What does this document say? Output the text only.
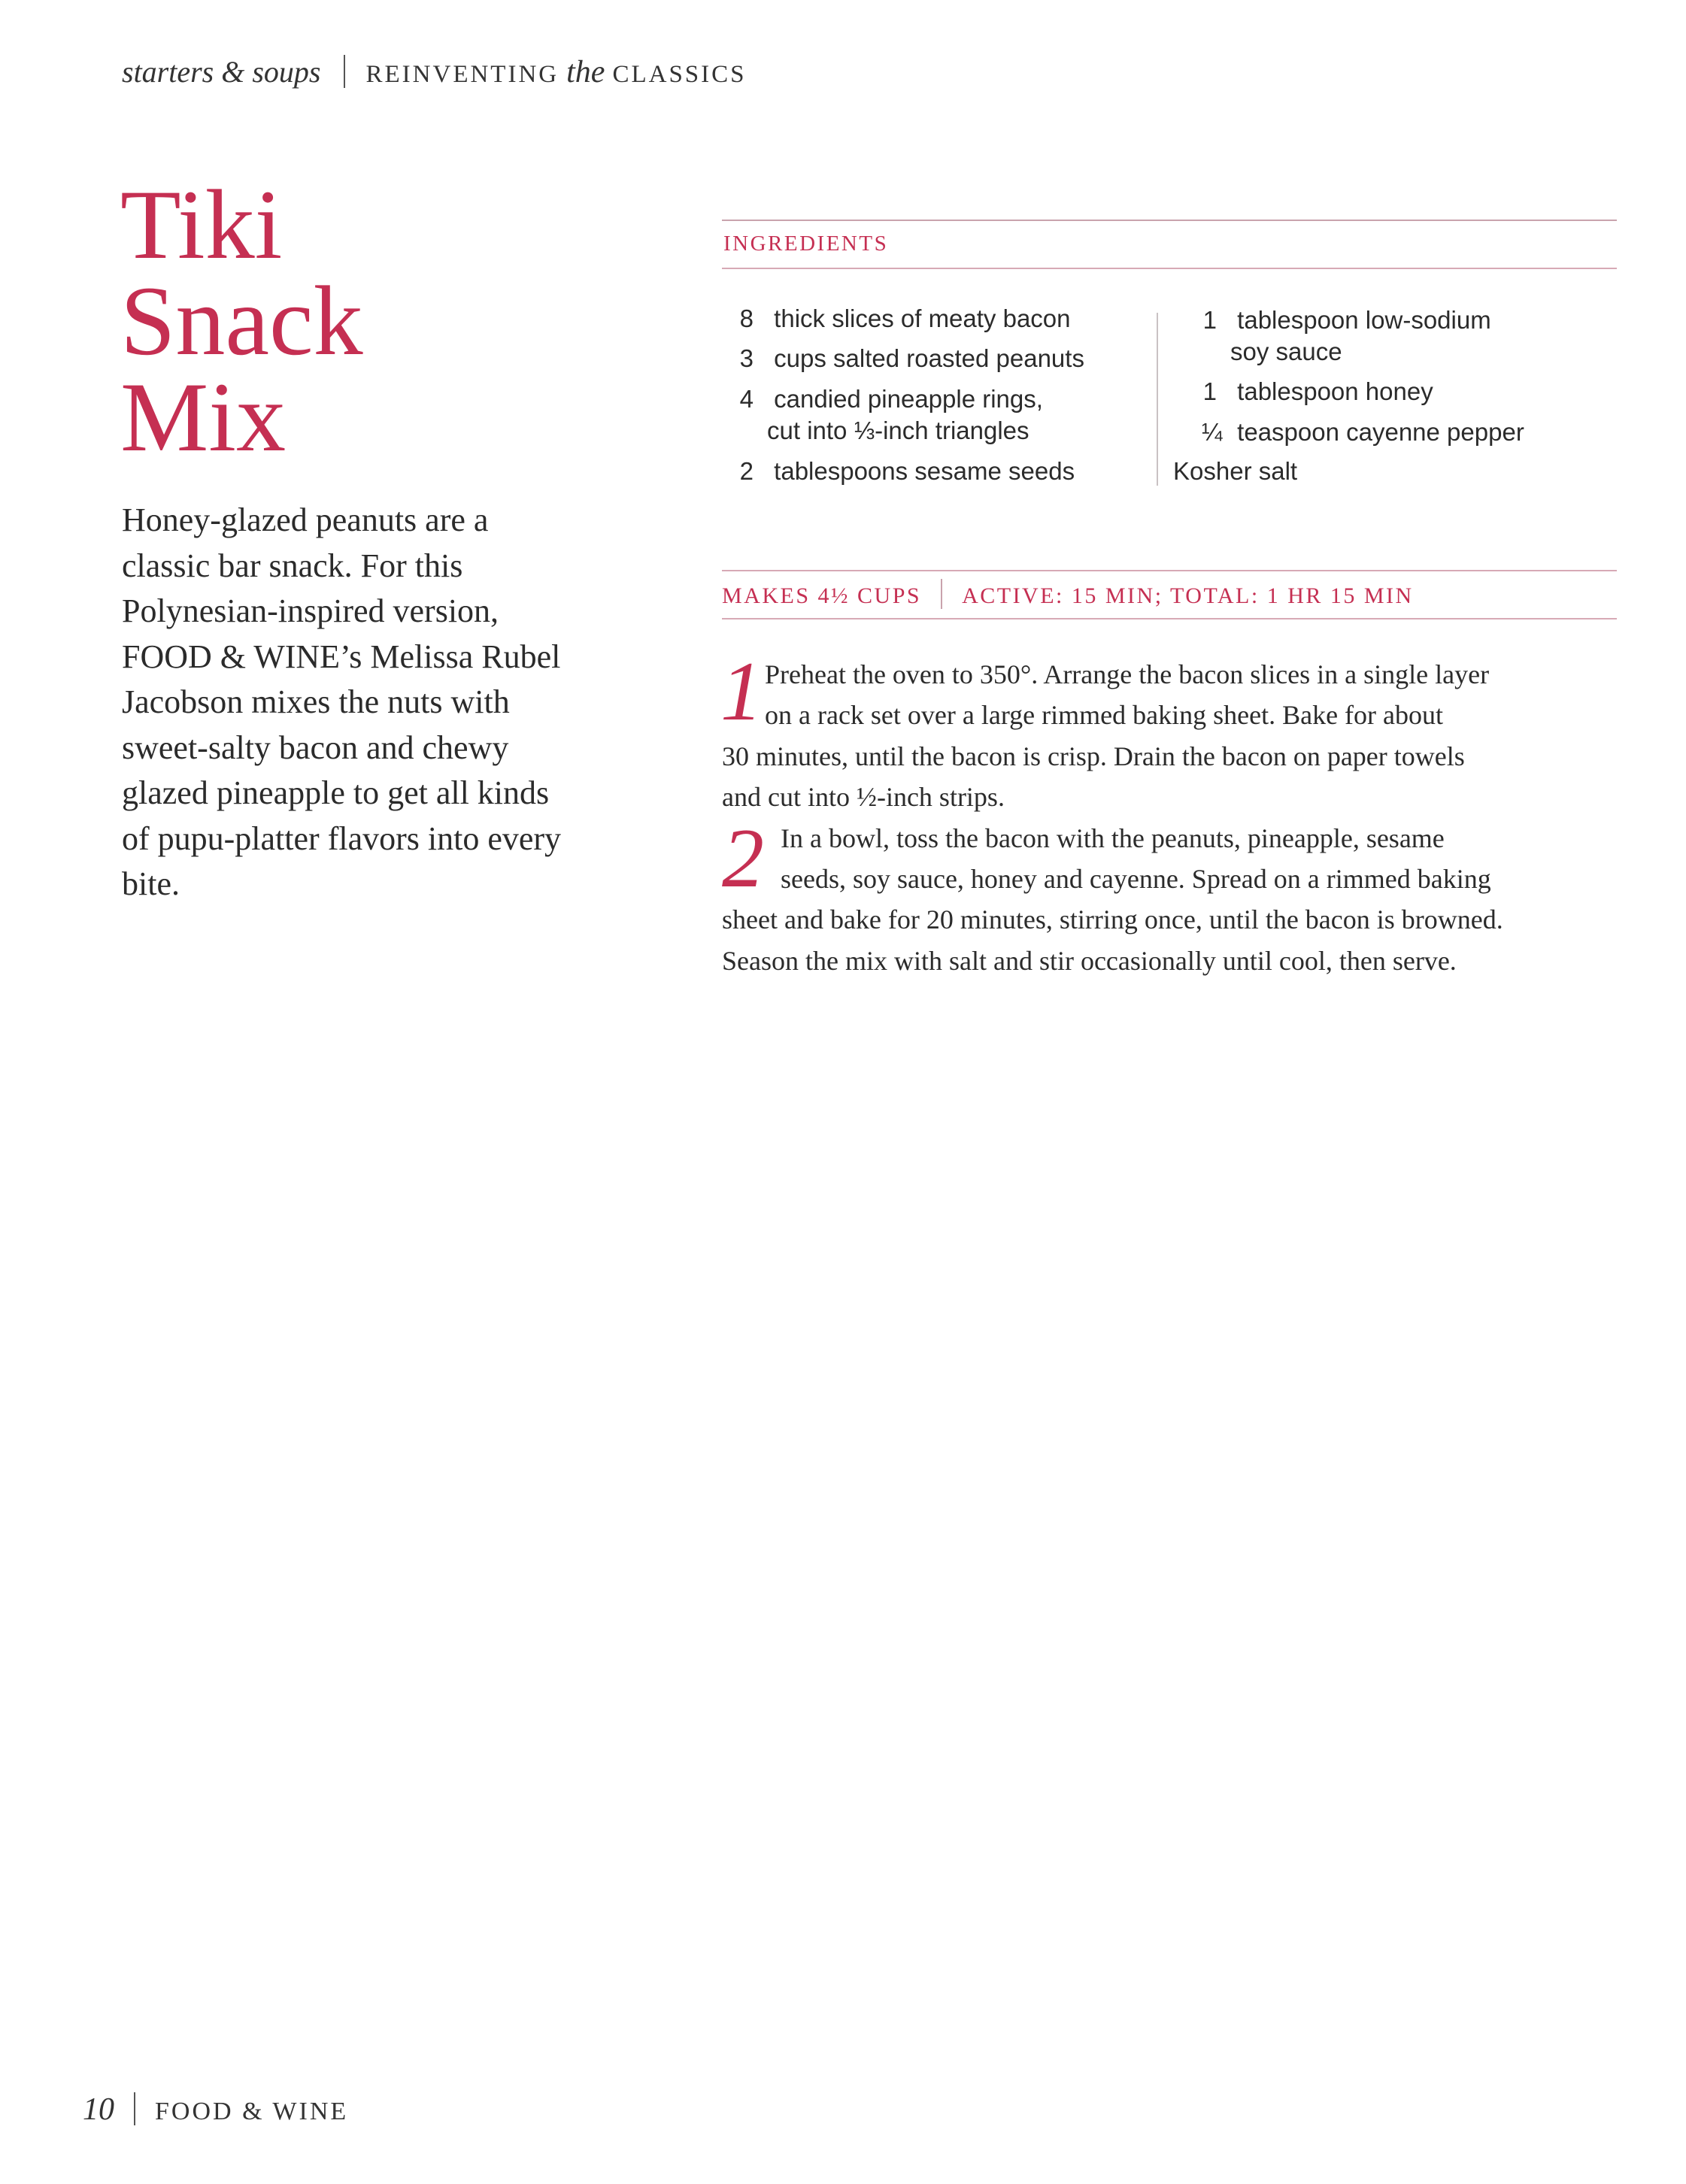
starters & soups REINVENTING the CLASSICS
Tiki
Snack
Mix
Honey-glazed peanuts are a classic bar snack. For this Polynesian-inspired version, FOOD & WINE’s Melissa Rubel Jacobson mixes the nuts with sweet-salty bacon and chewy glazed pineapple to get all kinds of pupu-platter flavors into every bite.
INGREDIENTS
8 thick slices of meaty bacon
3 cups salted roasted peanuts
4 candied pineapple rings,
cut into ⅓-inch triangles
2 tablespoons sesame seeds
1 tablespoon low-sodium
soy sauce
1 tablespoon honey
¼ teaspoon cayenne pepper
Kosher salt
MAKES 4½ CUPS ACTIVE: 15 MIN; TOTAL: 1 HR 15 MIN
1 Preheat the oven to 350°. Arrange the bacon slices in a single layer
on a rack set over a large rimmed baking sheet. Bake for about
30 minutes, until the bacon is crisp. Drain the bacon on paper towels
and cut into ½-inch strips.
2 In a bowl, toss the bacon with the peanuts, pineapple, sesame
seeds, soy sauce, honey and cayenne. Spread on a rimmed baking
sheet and bake for 20 minutes, stirring once, until the bacon is browned.
Season the mix with salt and stir occasionally until cool, then serve.
10 FOOD & WINE
